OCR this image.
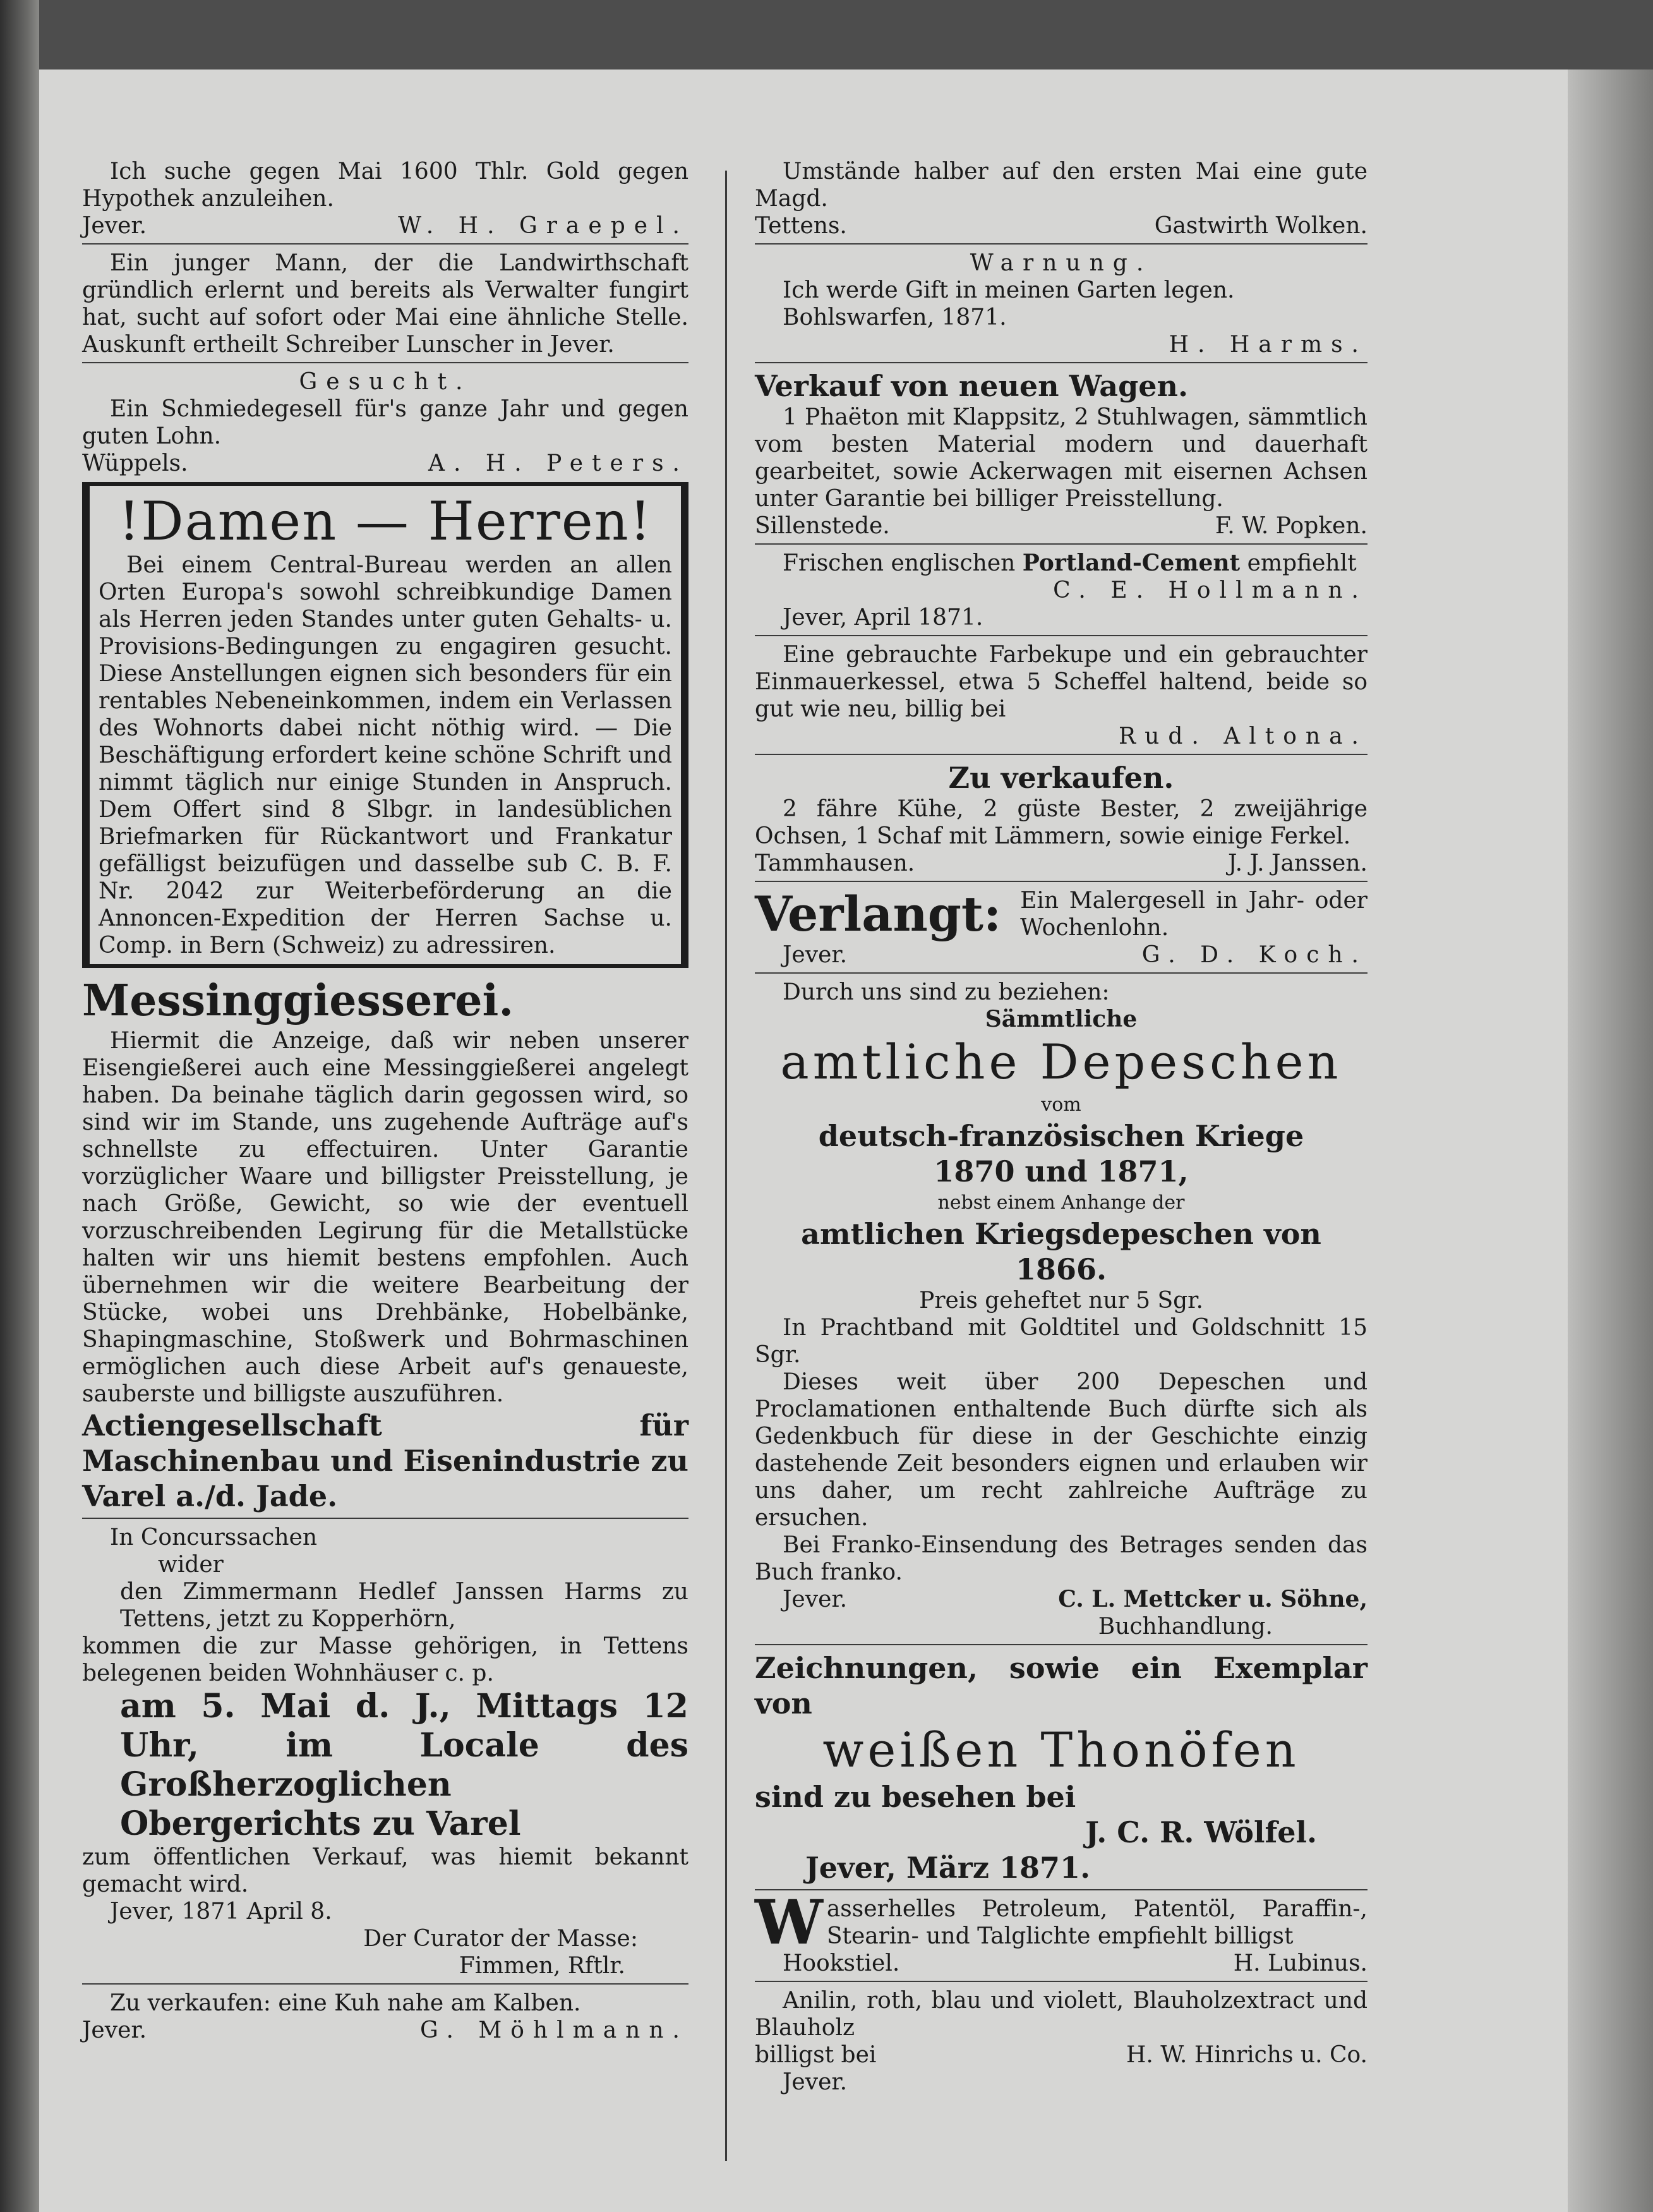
Ich suche gegen Mai 1600 Thlr. Gold gegen Hypothek anzuleihen.

Jever.	W. H. Graepel.

Ein junger Mann, der die Landwirthschaft gründlich erlernt und bereits als Verwalter fungirt hat, sucht auf sofort oder Mai eine ähnliche Stelle. Auskunft ertheilt Schreiber Lunscher in Jever.

Gesucht.

Ein Schmiedegesell für's ganze Jahr und gegen guten Lohn.

Wüppels.	A. H. Peters.

!Damen — Herren!

Bei einem Central-Bureau werden an allen Orten Europa's sowohl schreibkundige Damen als Herren jeden Standes unter guten Gehalts- u. Provisions-Bedingungen zu engagiren gesucht. Diese Anstellungen eignen sich besonders für ein rentables Nebeneinkommen, indem ein Verlassen des Wohnorts dabei nicht nöthig wird. — Die Beschäftigung erfordert keine schöne Schrift und nimmt täglich nur einige Stunden in Anspruch. Dem Offert sind 8 Slbgr. in landesüblichen Briefmarken für Rückantwort und Frankatur gefälligst beizufügen und dasselbe sub C. B. F. Nr. 2042 zur Weiterbeförderung an die Annoncen-Expedition der Herren Sachse u. Comp. in Bern (Schweiz) zu adressiren.

Messinggiesserei.

Hiermit die Anzeige, daß wir neben unserer Eisengießerei auch eine Messinggießerei angelegt haben. Da beinahe täglich darin gegossen wird, so sind wir im Stande, uns zugehende Aufträge auf's schnellste zu effectuiren. Unter Garantie vorzüglicher Waare und billigster Preisstellung, je nach Größe, Gewicht, so wie der eventuell vorzuschreibenden Legirung für die Metallstücke halten wir uns hiemit bestens empfohlen. Auch übernehmen wir die weitere Bearbeitung der Stücke, wobei uns Drehbänke, Hobelbänke, Shapingmaschine, Stoßwerk und Bohrmaschinen ermöglichen auch diese Arbeit auf's genaueste, sauberste und billigste auszuführen.

Actiengesellschaft für Maschinenbau und Eisenindustrie zu Varel a./d. Jade.

In Concurssachen

wider

den Zimmermann Hedlef Janssen Harms zu Tettens, jetzt zu Kopperhörn,

kommen die zur Masse gehörigen, in Tettens belegenen beiden Wohnhäuser c. p.

am 5. Mai d. J., Mittags 12 Uhr, im Locale des Großherzoglichen Obergerichts zu Varel

zum öffentlichen Verkauf, was hiemit bekannt gemacht wird.

Jever, 1871 April 8.

Der Curator der Masse:

Fimmen, Rftlr.

Zu verkaufen: eine Kuh nahe am Kalben.

Jever.	G. Möhlmann.

Umstände halber auf den ersten Mai eine gute Magd.

Tettens.	Gastwirth Wolken.

Warnung.

Ich werde Gift in meinen Garten legen.

Bohlswarfen, 1871.

H. Harms.

Verkauf von neuen Wagen.

1 Phaëton mit Klappsitz, 2 Stuhlwagen, sämmtlich vom besten Material modern und dauerhaft gearbeitet, sowie Ackerwagen mit eisernen Achsen unter Garantie bei billiger Preisstellung.

Sillenstede.	F. W. Popken.

Frischen englischen Portland-Cement empfiehlt

C. E. Hollmann.

Jever, April 1871.

Eine gebrauchte Farbekupe und ein gebrauchter Einmauerkessel, etwa 5 Scheffel haltend, beide so gut wie neu, billig bei

Rud. Altona.

Zu verkaufen.

2 fähre Kühe, 2 güste Bester, 2 zweijährige Ochsen, 1 Schaf mit Lämmern, sowie einige Ferkel.

Tammhausen.	J. J. Janssen.
Verlangt: Ein Malergesell in Jahr- oder Wochenlohn.
Jever.	G. D. Koch.

Durch uns sind zu beziehen:

Sämmtliche

amtliche Depeschen

vom

deutsch-französischen Kriege

1870 und 1871,

nebst einem Anhange der

amtlichen Kriegsdepeschen von 1866.

Preis geheftet nur 5 Sgr.

In Prachtband mit Goldtitel und Goldschnitt 15 Sgr.

Dieses weit über 200 Depeschen und Proclamationen enthaltende Buch dürfte sich als Gedenkbuch für diese in der Geschichte einzig dastehende Zeit besonders eignen und erlauben wir uns daher, um recht zahlreiche Aufträge zu ersuchen.

Bei Franko-Einsendung des Betrages senden das Buch franko.

Jever.	C. L. Mettcker u. Söhne,

Buchhandlung.

Zeichnungen, sowie ein Exemplar von

weißen Thonöfen

sind zu besehen bei

J. C. R. Wölfel.

Jever, März 1871.

W asserhelles Petroleum, Patentöl, Paraffin-, Stearin- und Talglichte empfiehlt billigst
Hookstiel.	H. Lubinus.

Anilin, roth, blau und violett, Blauholzextract und Blauholz

billigst bei	H. W. Hinrichs u. Co.

Jever.
